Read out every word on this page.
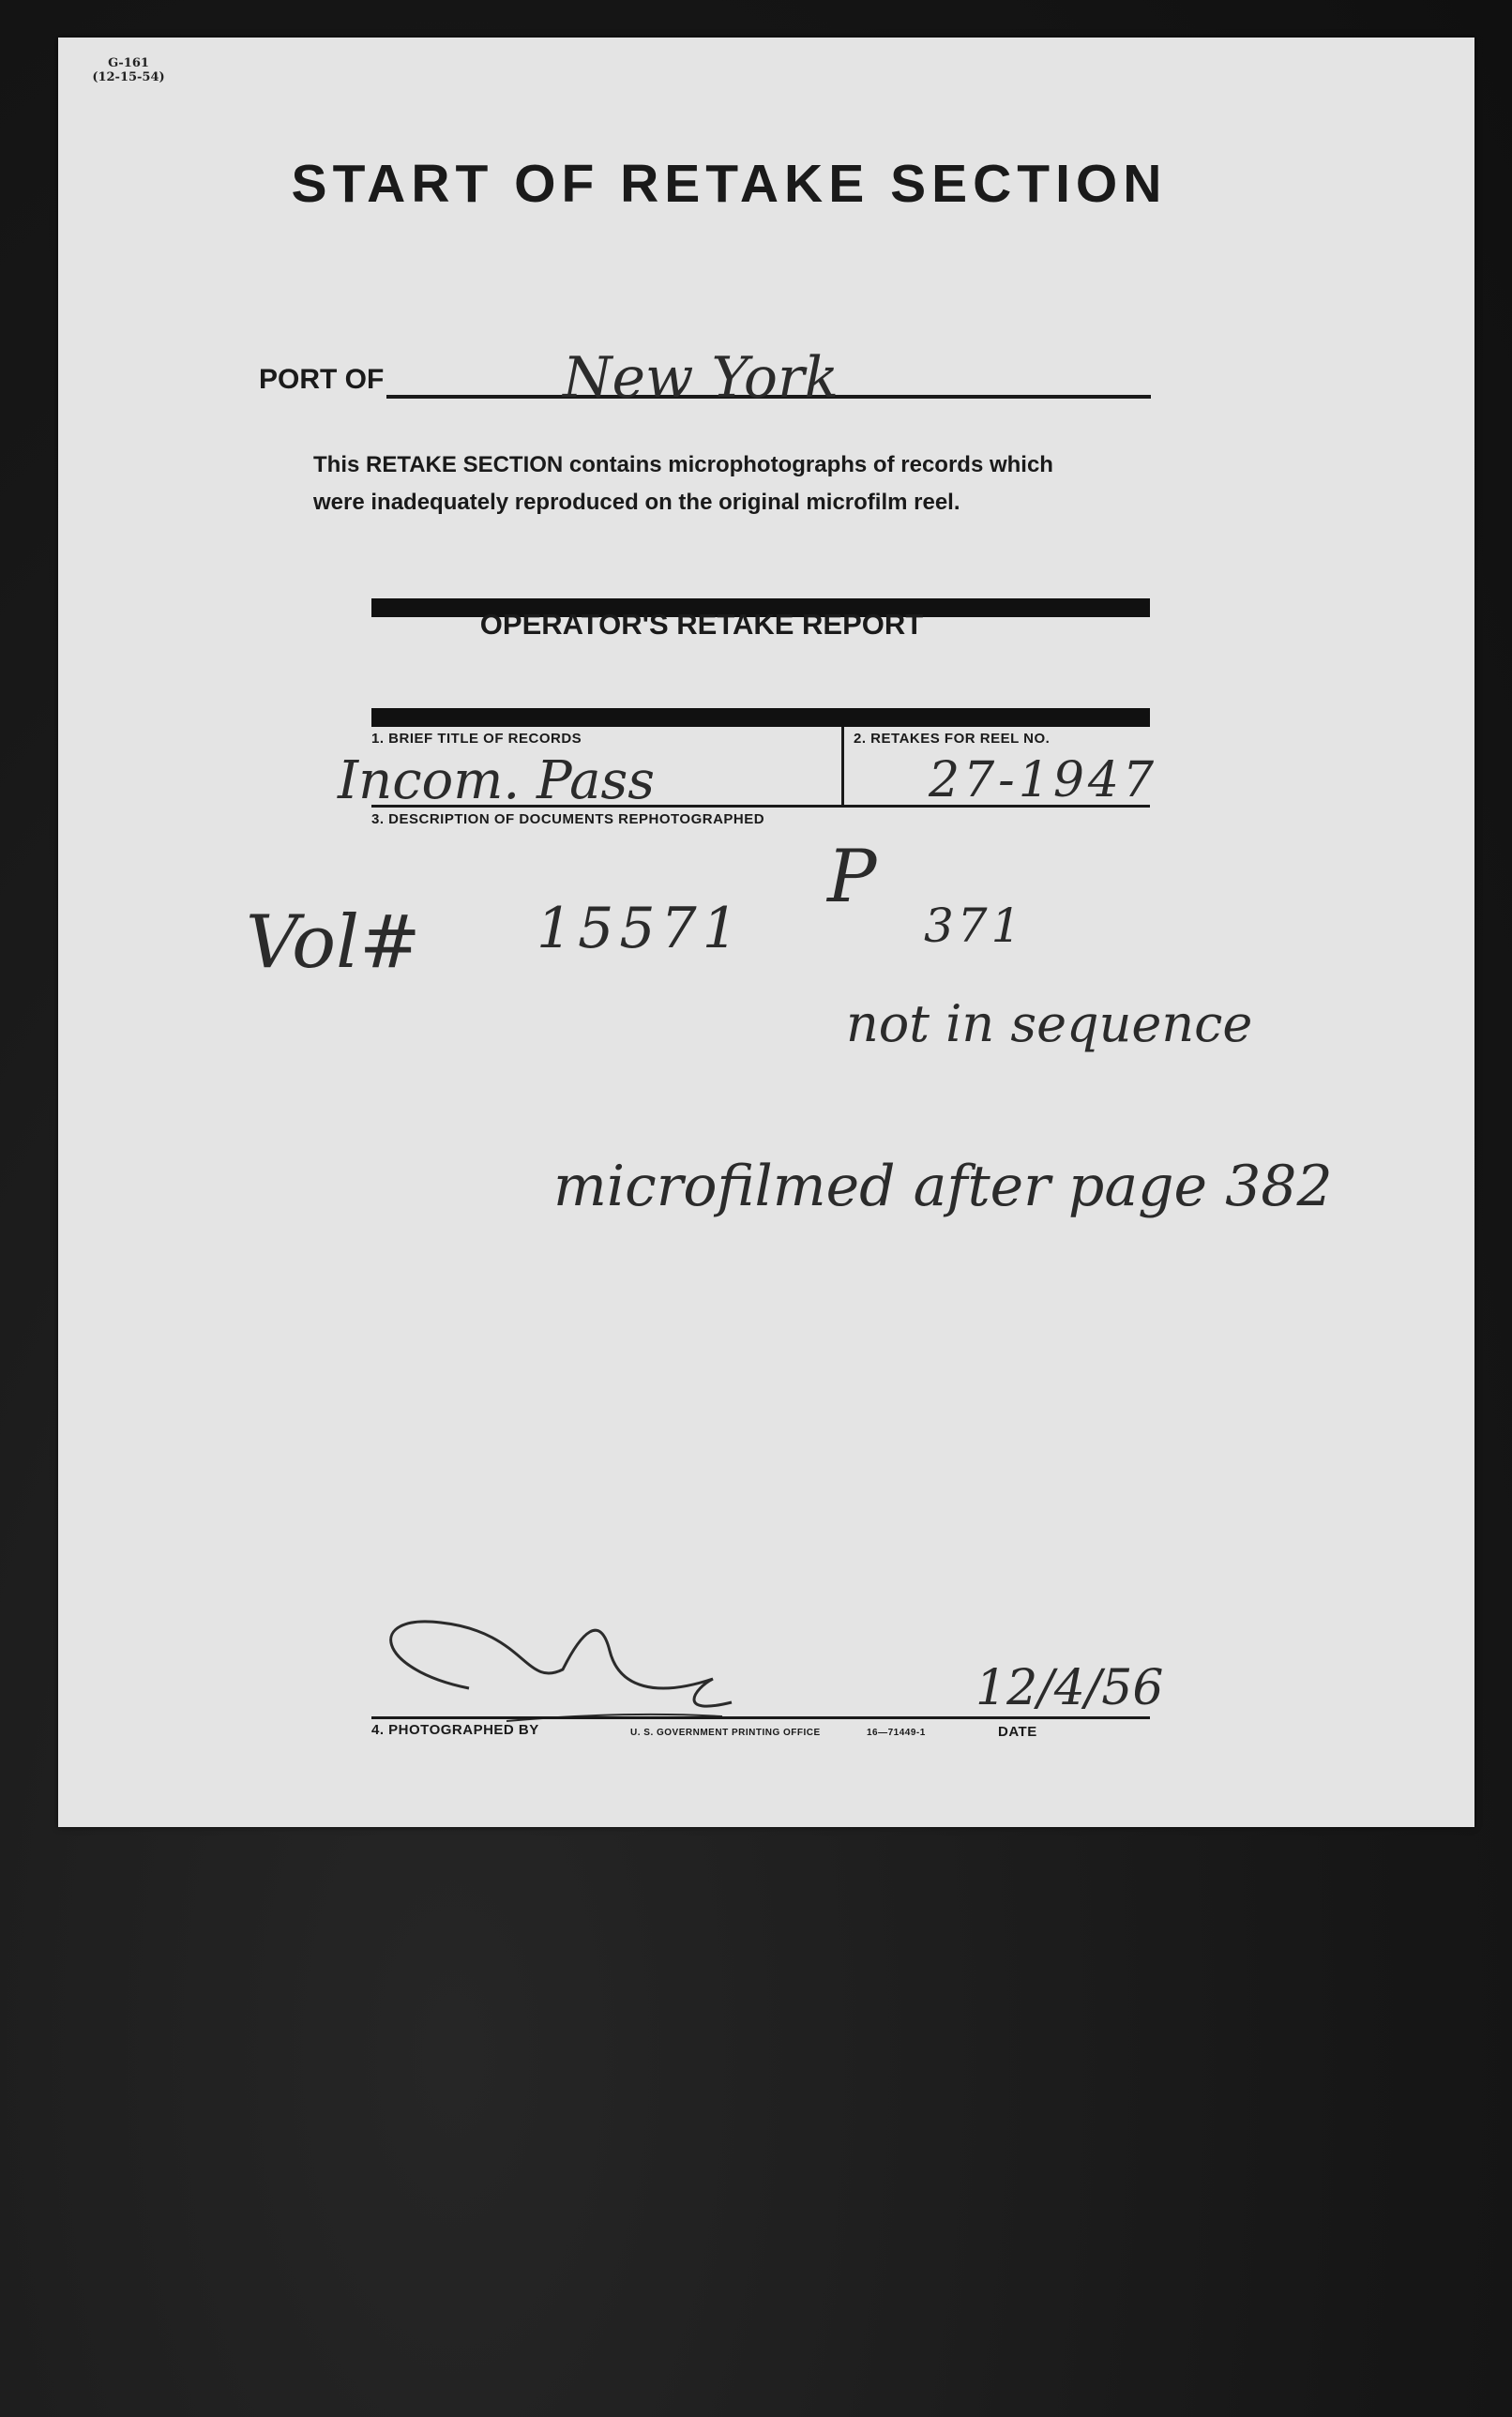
G-161
(12-15-54)
START OF RETAKE SECTION
PORT OF	New York
This RETAKE SECTION contains microphotographs of records which were inadequately reproduced on the original microfilm reel.
OPERATOR'S RETAKE REPORT
1. BRIEF TITLE OF RECORDS	2. RETAKES FOR REEL NO.
Incom. Pass	27-1947
3. DESCRIPTION OF DOCUMENTS REPHOTOGRAPHED
Vol# 15571
P
371
not in sequence
microfilmed after page 382
4. PHOTOGRAPHED BY	U. S. GOVERNMENT PRINTING OFFICE	16—71449-1	DATE
12/4/56
